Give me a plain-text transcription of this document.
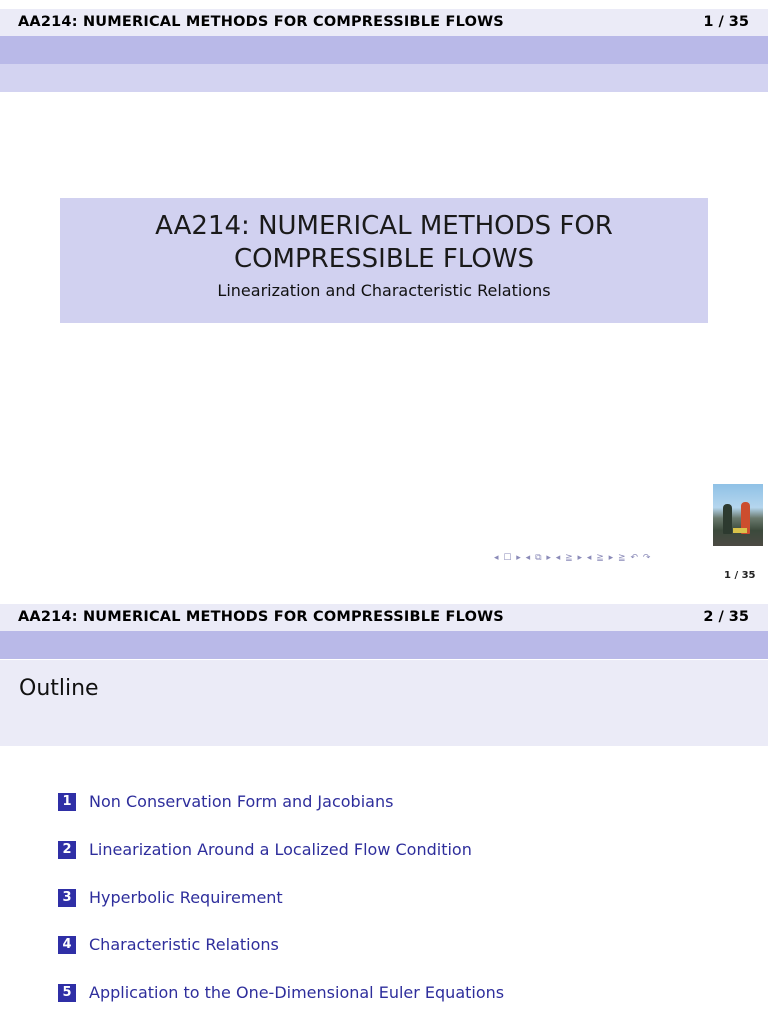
AA214: NUMERICAL METHODS FOR COMPRESSIBLE FLOWS	1 / 35
AA214: NUMERICAL METHODS FOR
COMPRESSIBLE FLOWS
Linearization and Characteristic Relations
◂ ☐ ▸ ◂ ⧉ ▸ ◂ ≧ ▸ ◂ ≧ ▸ ≧ ↶ ↷
1 / 35
AA214: NUMERICAL METHODS FOR COMPRESSIBLE FLOWS	2 / 35
Outline
1 Non Conservation Form and Jacobians
2 Linearization Around a Localized Flow Condition
3 Hyperbolic Requirement
4 Characteristic Relations
5 Application to the One-Dimensional Euler Equations
